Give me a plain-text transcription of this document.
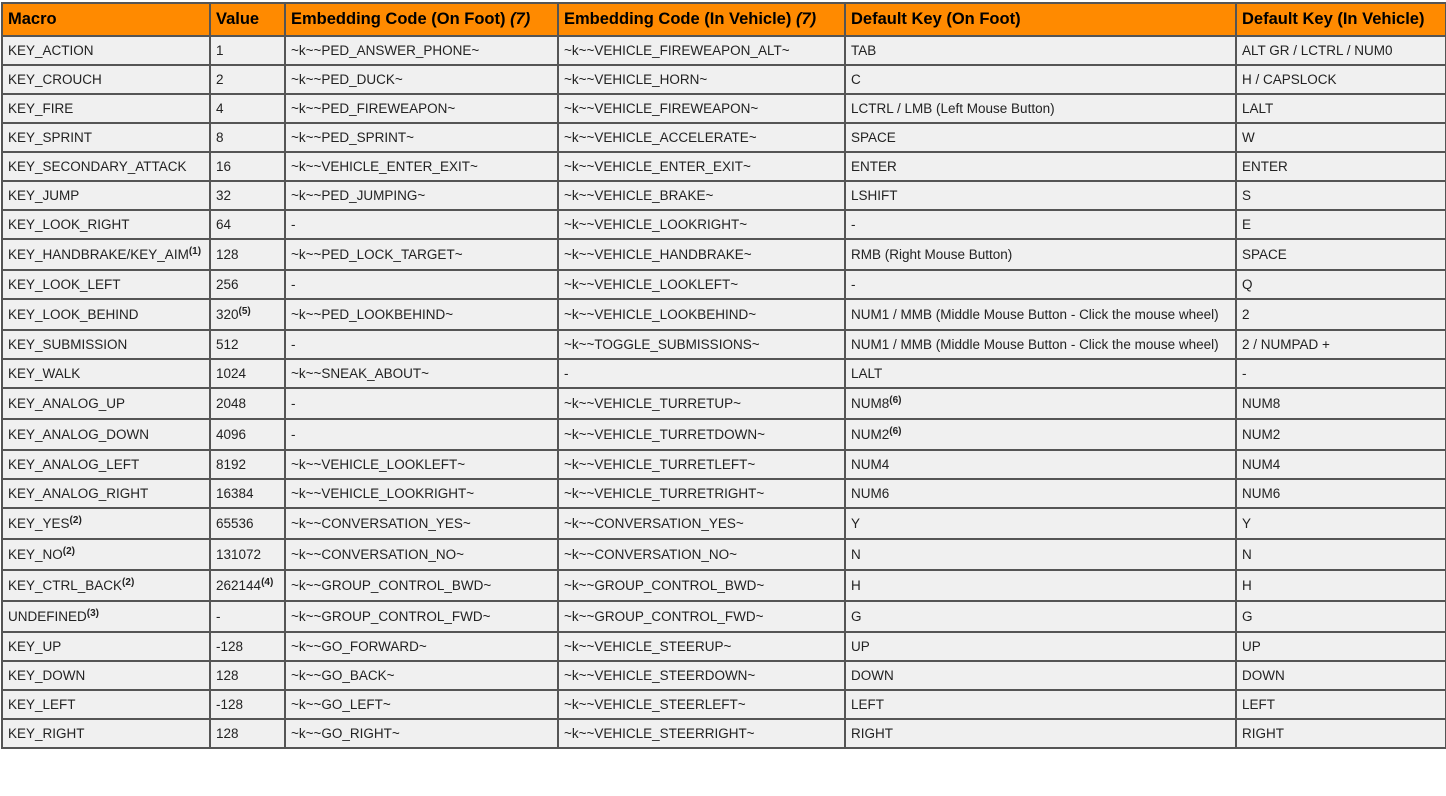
Macro	Value	Embedding Code (On Foot) (7)	Embedding Code (In Vehicle) (7)	Default Key (On Foot)	Default Key (In Vehicle)
KEY_ACTION	1	~k~~PED_ANSWER_PHONE~	~k~~VEHICLE_FIREWEAPON_ALT~	TAB	ALT GR / LCTRL / NUM0
KEY_CROUCH	2	~k~~PED_DUCK~	~k~~VEHICLE_HORN~	C	H / CAPSLOCK
KEY_FIRE	4	~k~~PED_FIREWEAPON~	~k~~VEHICLE_FIREWEAPON~	LCTRL / LMB (Left Mouse Button)	LALT
KEY_SPRINT	8	~k~~PED_SPRINT~	~k~~VEHICLE_ACCELERATE~	SPACE	W
KEY_SECONDARY_ATTACK	16	~k~~VEHICLE_ENTER_EXIT~	~k~~VEHICLE_ENTER_EXIT~	ENTER	ENTER
KEY_JUMP	32	~k~~PED_JUMPING~	~k~~VEHICLE_BRAKE~	LSHIFT	S
KEY_LOOK_RIGHT	64	-	~k~~VEHICLE_LOOKRIGHT~	-	E
KEY_HANDBRAKE/KEY_AIM$^{(1)}$	128	~k~~PED_LOCK_TARGET~	~k~~VEHICLE_HANDBRAKE~	RMB (Right Mouse Button)	SPACE
KEY_LOOK_LEFT	256	-	~k~~VEHICLE_LOOKLEFT~	-	Q
KEY_LOOK_BEHIND	320$^{(5)}$	~k~~PED_LOOKBEHIND~	~k~~VEHICLE_LOOKBEHIND~	NUM1 / MMB (Middle Mouse Button - Click the mouse wheel)	2
KEY_SUBMISSION	512	-	~k~~TOGGLE_SUBMISSIONS~	NUM1 / MMB (Middle Mouse Button - Click the mouse wheel)	2 / NUMPAD +
KEY_WALK	1024	~k~~SNEAK_ABOUT~	-	LALT	-
KEY_ANALOG_UP	2048	-	~k~~VEHICLE_TURRETUP~	NUM8$^{(6)}$	NUM8
KEY_ANALOG_DOWN	4096	-	~k~~VEHICLE_TURRETDOWN~	NUM2$^{(6)}$	NUM2
KEY_ANALOG_LEFT	8192	~k~~VEHICLE_LOOKLEFT~	~k~~VEHICLE_TURRETLEFT~	NUM4	NUM4
KEY_ANALOG_RIGHT	16384	~k~~VEHICLE_LOOKRIGHT~	~k~~VEHICLE_TURRETRIGHT~	NUM6	NUM6
KEY_YES$^{(2)}$	65536	~k~~CONVERSATION_YES~	~k~~CONVERSATION_YES~	Y	Y
KEY_NO$^{(2)}$	131072	~k~~CONVERSATION_NO~	~k~~CONVERSATION_NO~	N	N
KEY_CTRL_BACK$^{(2)}$	262144$^{(4)}$	~k~~GROUP_CONTROL_BWD~	~k~~GROUP_CONTROL_BWD~	H	H
UNDEFINED$^{(3)}$	-	~k~~GROUP_CONTROL_FWD~	~k~~GROUP_CONTROL_FWD~	G	G
KEY_UP	-128	~k~~GO_FORWARD~	~k~~VEHICLE_STEERUP~	UP	UP
KEY_DOWN	128	~k~~GO_BACK~	~k~~VEHICLE_STEERDOWN~	DOWN	DOWN
KEY_LEFT	-128	~k~~GO_LEFT~	~k~~VEHICLE_STEERLEFT~	LEFT	LEFT
KEY_RIGHT	128	~k~~GO_RIGHT~	~k~~VEHICLE_STEERRIGHT~	RIGHT	RIGHT
